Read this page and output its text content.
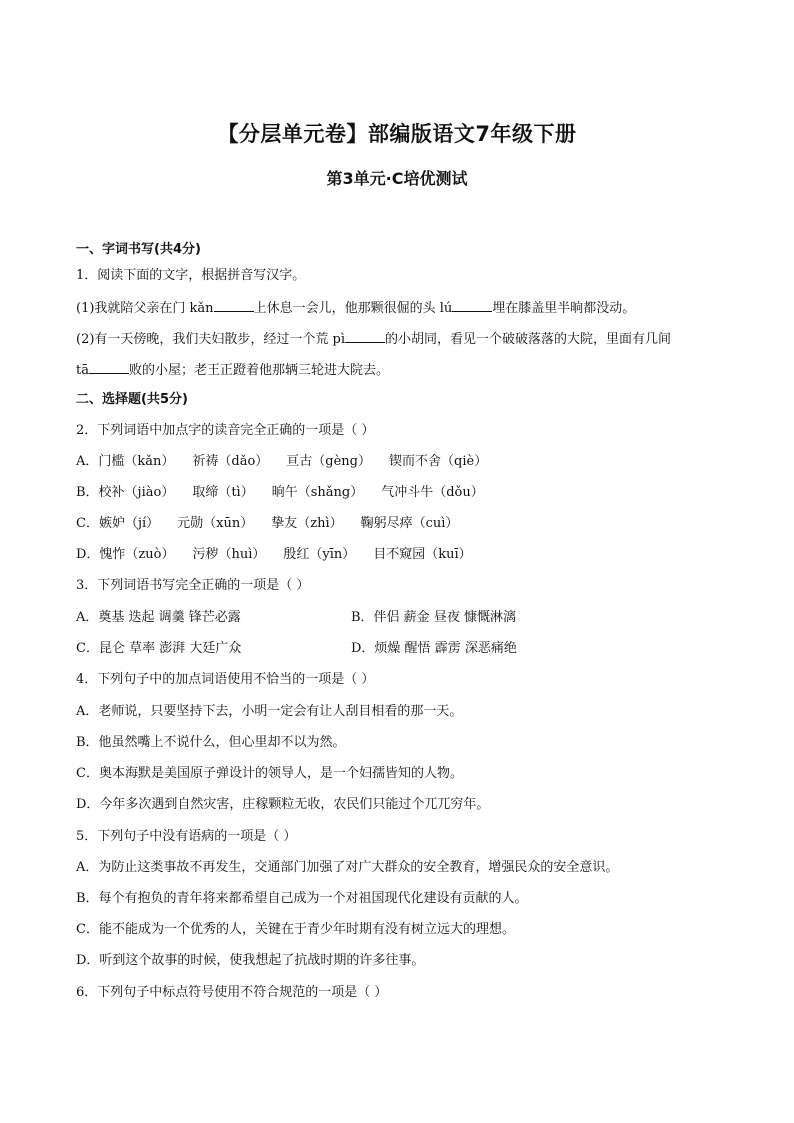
【分层单元卷】部编版语文7年级下册
第3单元·C培优测试
一、字词书写(共4分)
1．阅读下面的文字，根据拼音写汉字。
(1)我就陪父亲在门 kǎn	上休息一会儿，他那颗很倔的头 lú	埋在膝盖里半晌都没动。
(2)有一天傍晚，我们夫妇散步，经过一个荒 pì	的小胡同，看见一个破破落落的大院，里面有几间
tā	败的小屋；老王正蹬着他那辆三轮进大院去。
二、选择题(共5分)
2．下列词语中加点字的读音完全正确的一项是（ ）
A．门槛（kǎn） 祈祷（dǎo） 亘古（gèng） 锲而不舍（qiè）
B．校补（jiào） 取缔（tì） 晌午（shǎng） 气冲斗牛（dǒu）
C．嫉妒（jí） 元勋（xūn） 挚友（zhì） 鞠躬尽瘁（cuì）
D．愧怍（zuò） 污秽（huì） 殷红（yīn） 目不窥园（kuī）
3．下列词语书写完全正确的一项是（ ）
A．奠基 迭起 调羹 锋芒必露	B．伴侣 薪金 昼夜 慷慨淋漓
C．昆仑 草率 澎湃 大廷广众	D．烦燥 醒悟 霹雳 深恶痛绝
4．下列句子中的加点词语使用不恰当的一项是（ ）
A．老师说，只要坚持下去，小明一定会有让人刮目相看的那一天。
B．他虽然嘴上不说什么，但心里却不以为然。
C．奥本海默是美国原子弹设计的领导人，是一个妇孺皆知的人物。
D．今年多次遇到自然灾害，庄稼颗粒无收，农民们只能过个兀兀穷年。
5．下列句子中没有语病的一项是（ ）
A．为防止这类事故不再发生，交通部门加强了对广大群众的安全教育，增强民众的安全意识。
B．每个有抱负的青年将来都希望自己成为一个对祖国现代化建设有贡献的人。
C．能不能成为一个优秀的人，关键在于青少年时期有没有树立远大的理想。
D．听到这个故事的时候，使我想起了抗战时期的许多往事。
6．下列句子中标点符号使用不符合规范的一项是（ ）
